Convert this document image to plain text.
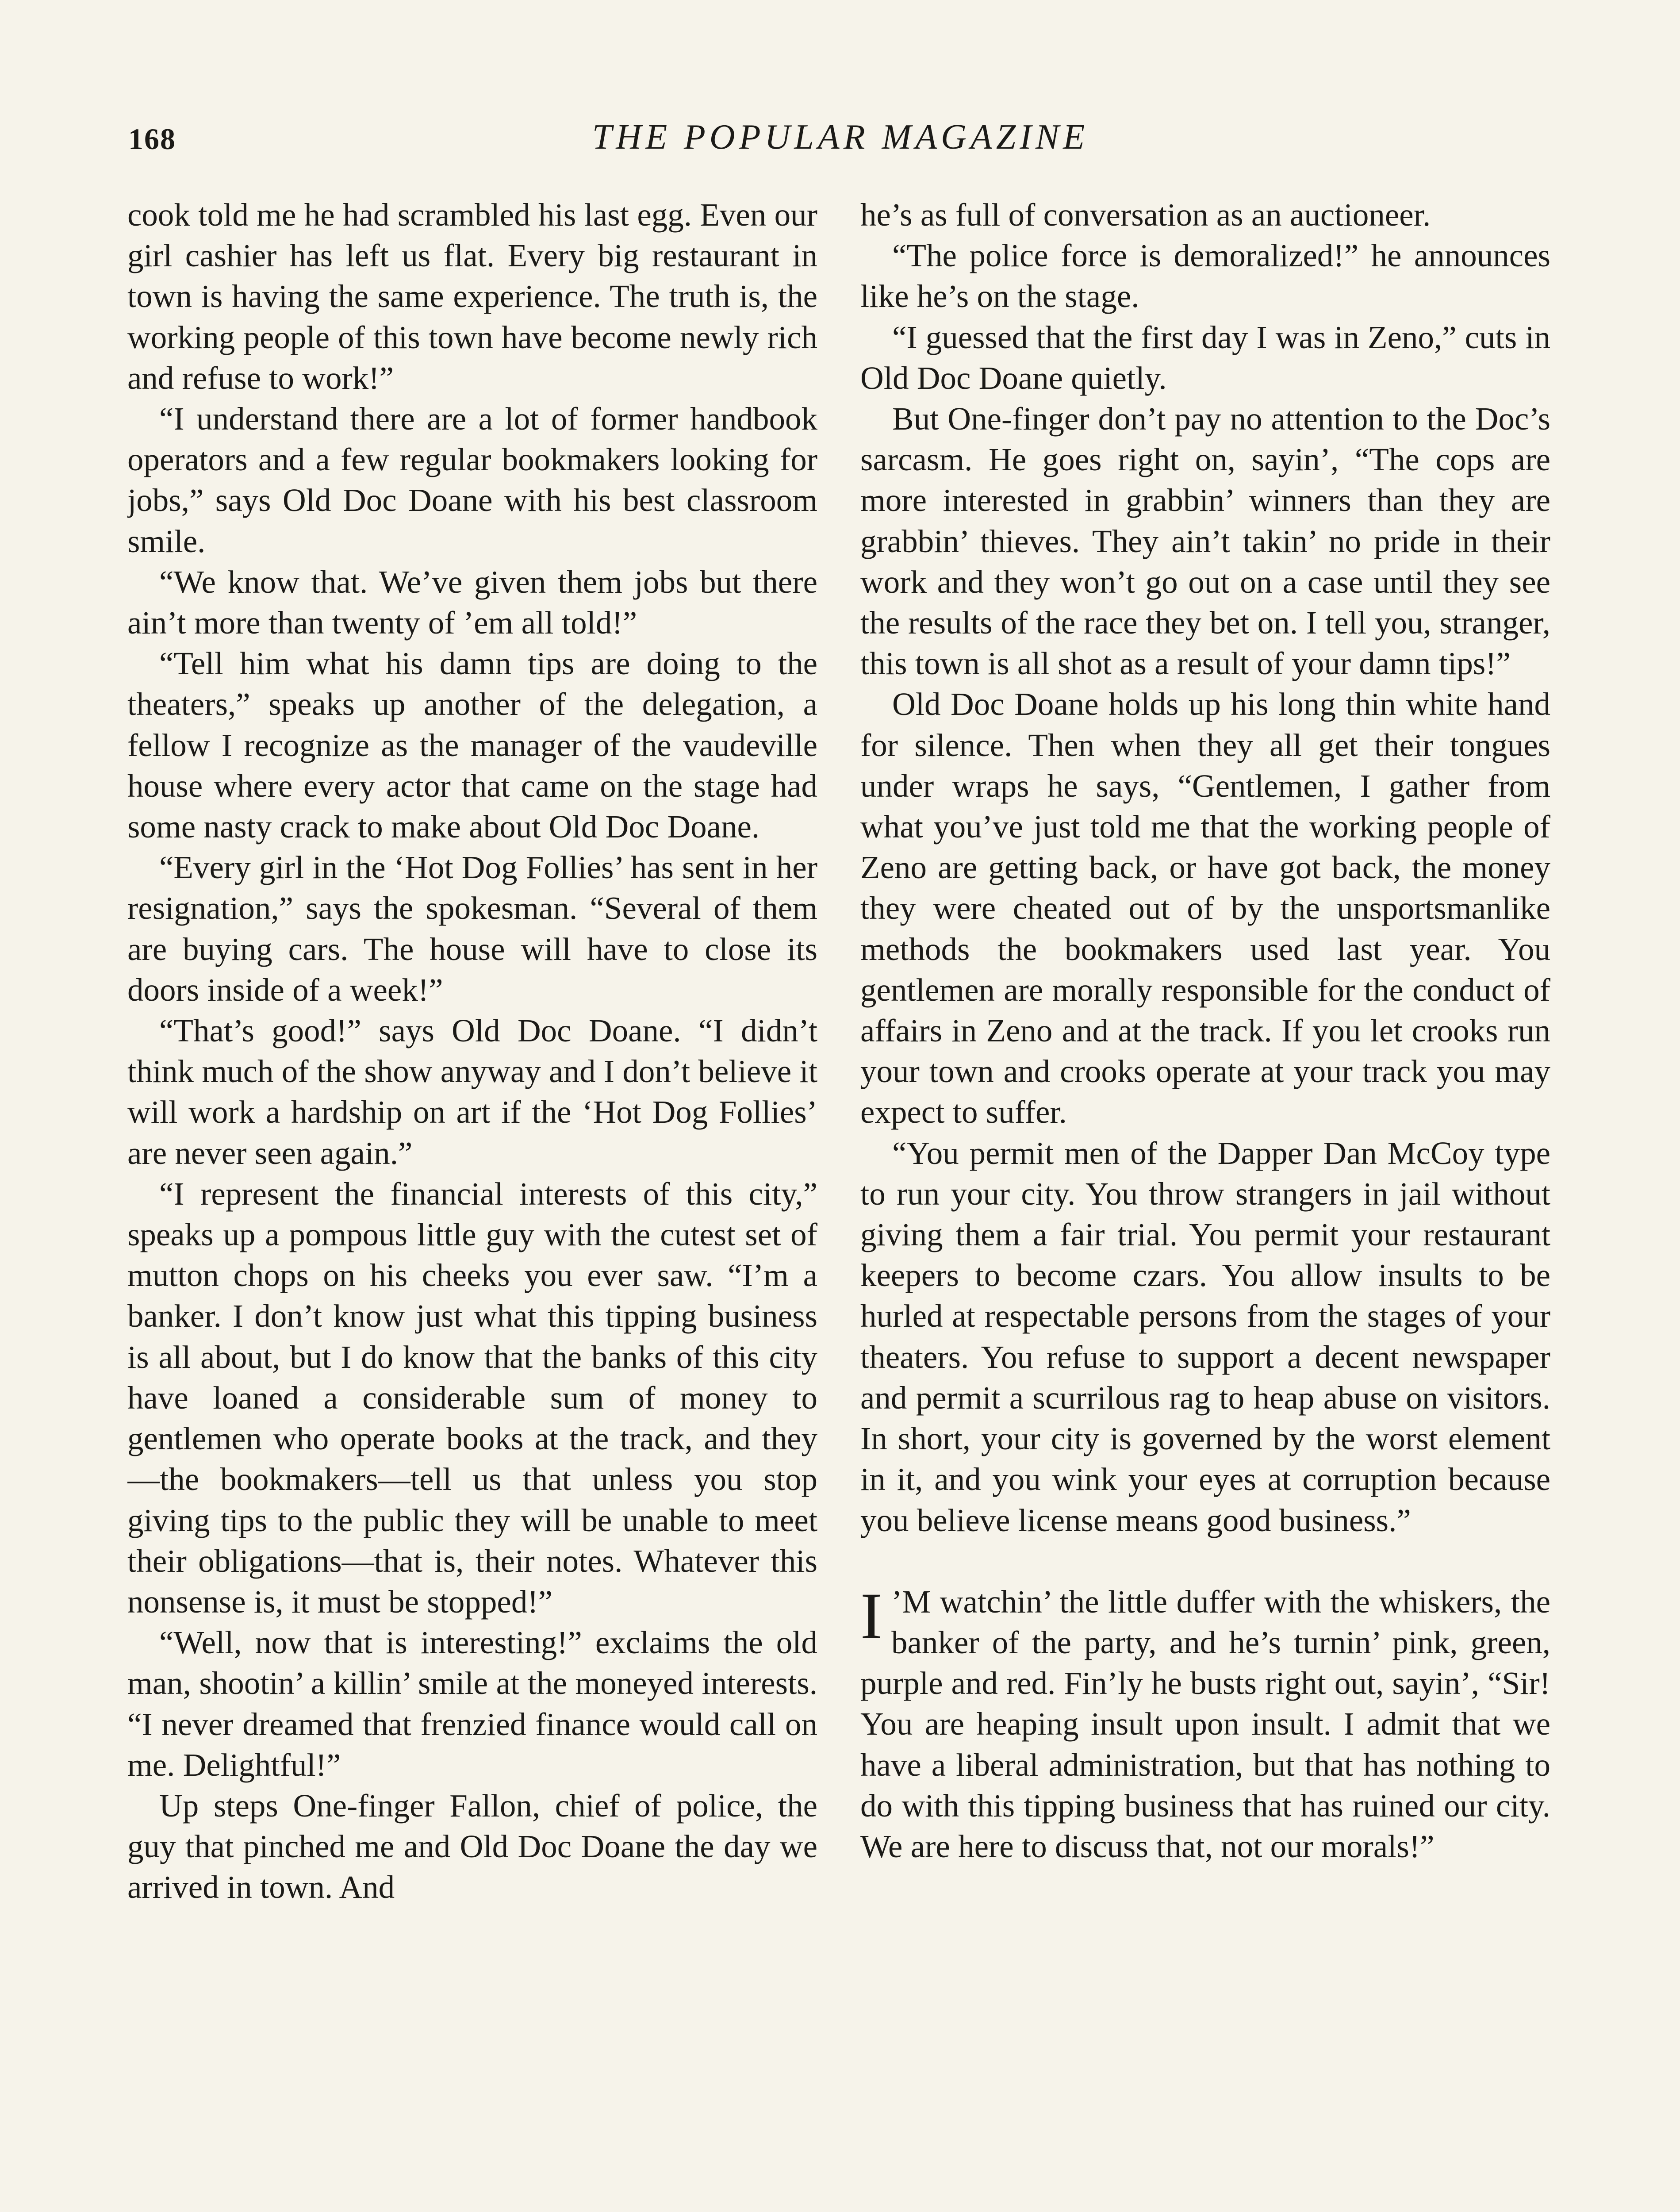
168	THE POPULAR MAGAZINE

cook told me he had scrambled his last egg. Even our girl cashier has left us flat. Every big restaurant in town is having the same experience. The truth is, the working people of this town have become newly rich and refuse to work!”

“I understand there are a lot of former handbook operators and a few regular bookmakers looking for jobs,” says Old Doc Doane with his best classroom smile.

“We know that. We’ve given them jobs but there ain’t more than twenty of ’em all told!”

“Tell him what his damn tips are doing to the theaters,” speaks up another of the delegation, a fellow I recognize as the manager of the vaudeville house where every actor that came on the stage had some nasty crack to make about Old Doc Doane.

“Every girl in the ‘Hot Dog Follies’ has sent in her resignation,” says the spokesman. “Several of them are buying cars. The house will have to close its doors inside of a week!”

“That’s good!” says Old Doc Doane. “I didn’t think much of the show anyway and I don’t believe it will work a hardship on art if the ‘Hot Dog Follies’ are never seen again.”

“I represent the financial interests of this city,” speaks up a pompous little guy with the cutest set of mutton chops on his cheeks you ever saw. “I’m a banker. I don’t know just what this tipping business is all about, but I do know that the banks of this city have loaned a considerable sum of money to gentlemen who operate books at the track, and they—the bookmakers—tell us that unless you stop giving tips to the public they will be unable to meet their obligations—that is, their notes. Whatever this nonsense is, it must be stopped!”

“Well, now that is interesting!” exclaims the old man, shootin’ a killin’ smile at the moneyed interests. “I never dreamed that frenzied finance would call on me. Delightful!”

Up steps One-finger Fallon, chief of police, the guy that pinched me and Old Doc Doane the day we arrived in town. And

he’s as full of conversation as an auctioneer.

“The police force is demoralized!” he announces like he’s on the stage.

“I guessed that the first day I was in Zeno,” cuts in Old Doc Doane quietly.

But One-finger don’t pay no attention to the Doc’s sarcasm. He goes right on, sayin’, “The cops are more interested in grabbin’ winners than they are grabbin’ thieves. They ain’t takin’ no pride in their work and they won’t go out on a case until they see the results of the race they bet on. I tell you, stranger, this town is all shot as a result of your damn tips!”

Old Doc Doane holds up his long thin white hand for silence. Then when they all get their tongues under wraps he says, “Gentlemen, I gather from what you’ve just told me that the working people of Zeno are getting back, or have got back, the money they were cheated out of by the unsportsmanlike methods the bookmakers used last year. You gentlemen are morally responsible for the conduct of affairs in Zeno and at the track. If you let crooks run your town and crooks operate at your track you may expect to suffer.

“You permit men of the Dapper Dan McCoy type to run your city. You throw strangers in jail without giving them a fair trial. You permit your restaurant keepers to become czars. You allow insults to be hurled at respectable persons from the stages of your theaters. You refuse to support a decent newspaper and permit a scurrilous rag to heap abuse on visitors. In short, your city is governed by the worst element in it, and you wink your eyes at corruption because you believe license means good business.”

I ’M watchin’ the little duffer with the whiskers, the banker of the party, and he’s turnin’ pink, green, purple and red. Fin’ly he busts right out, sayin’, “Sir! You are heaping insult upon insult. I admit that we have a liberal administration, but that has nothing to do with this tipping business that has ruined our city. We are here to discuss that, not our morals!”
